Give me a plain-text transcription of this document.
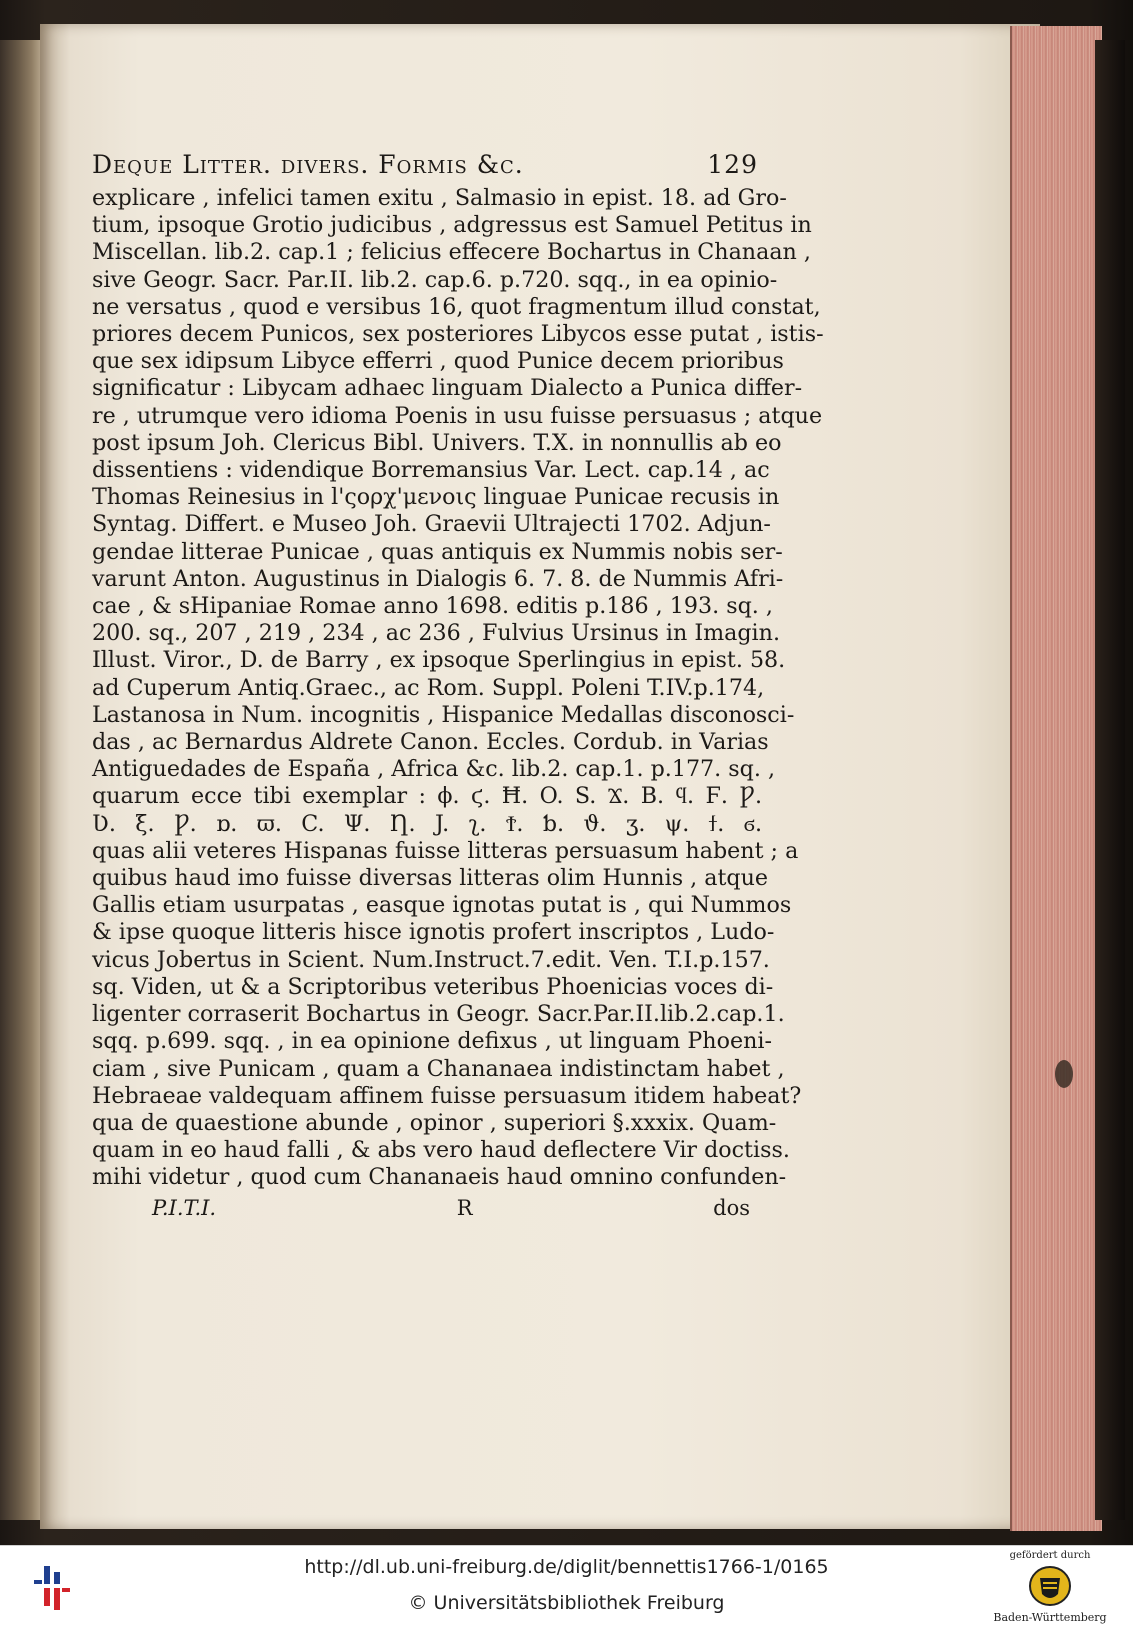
Deque Litter. divers. Formis &c.	129
explicare , infelici tamen exitu , Salmasio in epist. 18. ad Gro-
tium, ipsoque Grotio judicibus , adgressus est Samuel Petitus in
Miscellan. lib.2. cap.1 ; felicius effecere Bochartus in Chanaan ,
sive Geogr. Sacr. Par.II. lib.2. cap.6. p.720. sqq., in ea opinio-
ne versatus , quod e versibus 16, quot fragmentum illud constat,
priores decem Punicos, sex posteriores Libycos esse putat , istis-
que sex idipsum Libyce efferri , quod Punice decem prioribus
significatur : Libycam adhaec linguam Dialecto a Punica differ-
re , utrumque vero idioma Poenis in usu fuisse persuasus ; atque
post ipsum Joh. Clericus Bibl. Univers. T.X. in nonnullis ab eo
dissentiens : videndique Borremansius Var. Lect. cap.14 , ac
Thomas Reinesius in l'ςορχ'μενοις linguae Punicae recusis in
Syntag. Differt. e Museo Joh. Graevii Ultrajecti 1702. Adjun-
gendae litterae Punicae , quas antiquis ex Nummis nobis ser-
varunt Anton. Augustinus in Dialogis 6. 7. 8. de Nummis Afri-
cae , & sHipaniae Romae anno 1698. editis p.186 , 193. sq. ,
200. sq., 207 , 219 , 234 , ac 236 , Fulvius Ursinus in Imagin.
Illust. Viror., D. de Barry , ex ipsoque Sperlingius in epist. 58.
ad Cuperum Antiq.Graec., ac Rom. Suppl. Poleni T.IV.p.174,
Lastanosa in Num. incognitis , Hispanice Medallas disconosci-
das , ac Bernardus Aldrete Canon. Eccles. Cordub. in Varias
Antiguedades de España , Africa &c. lib.2. cap.1. p.177. sq. ,
quarum ecce tibi exemplar : ϕ. ϛ. Ħ. O. S. Ϫ. B. ϥ. Ϝ. Ƿ.
Ʋ. ξ. Ƿ. ɒ. ϖ. C. Ψ. Ƞ. J. ʅ. Ϯ. ƅ. ϑ. ʒ. ψ. ϯ. ϭ.
quas alii veteres Hispanas fuisse litteras persuasum habent ; a
quibus haud imo fuisse diversas litteras olim Hunnis , atque
Gallis etiam usurpatas , easque ignotas putat is , qui Nummos
& ipse quoque litteris hisce ignotis profert inscriptos , Ludo-
vicus Jobertus in Scient. Num.Instruct.7.edit. Ven. T.I.p.157.
sq. Viden, ut & a Scriptoribus veteribus Phoenicias voces di-
ligenter corraserit Bochartus in Geogr. Sacr.Par.II.lib.2.cap.1.
sqq. p.699. sqq. , in ea opinione defixus , ut linguam Phoeni-
ciam , sive Punicam , quam a Chananaea indistinctam habet ,
Hebraeae valdequam affinem fuisse persuasum itidem habeat?
qua de quaestione abunde , opinor , superiori §.xxxix. Quam-
quam in eo haud falli , & abs vero haud deflectere Vir doctiss.
mihi videtur , quod cum Chananaeis haud omnino confunden-
P.I.T.I.	R	dos
http://dl.ub.uni-freiburg.de/diglit/bennettis1766-1/0165
© Universitätsbibliothek Freiburg
gefördert durch
Baden-Württemberg
